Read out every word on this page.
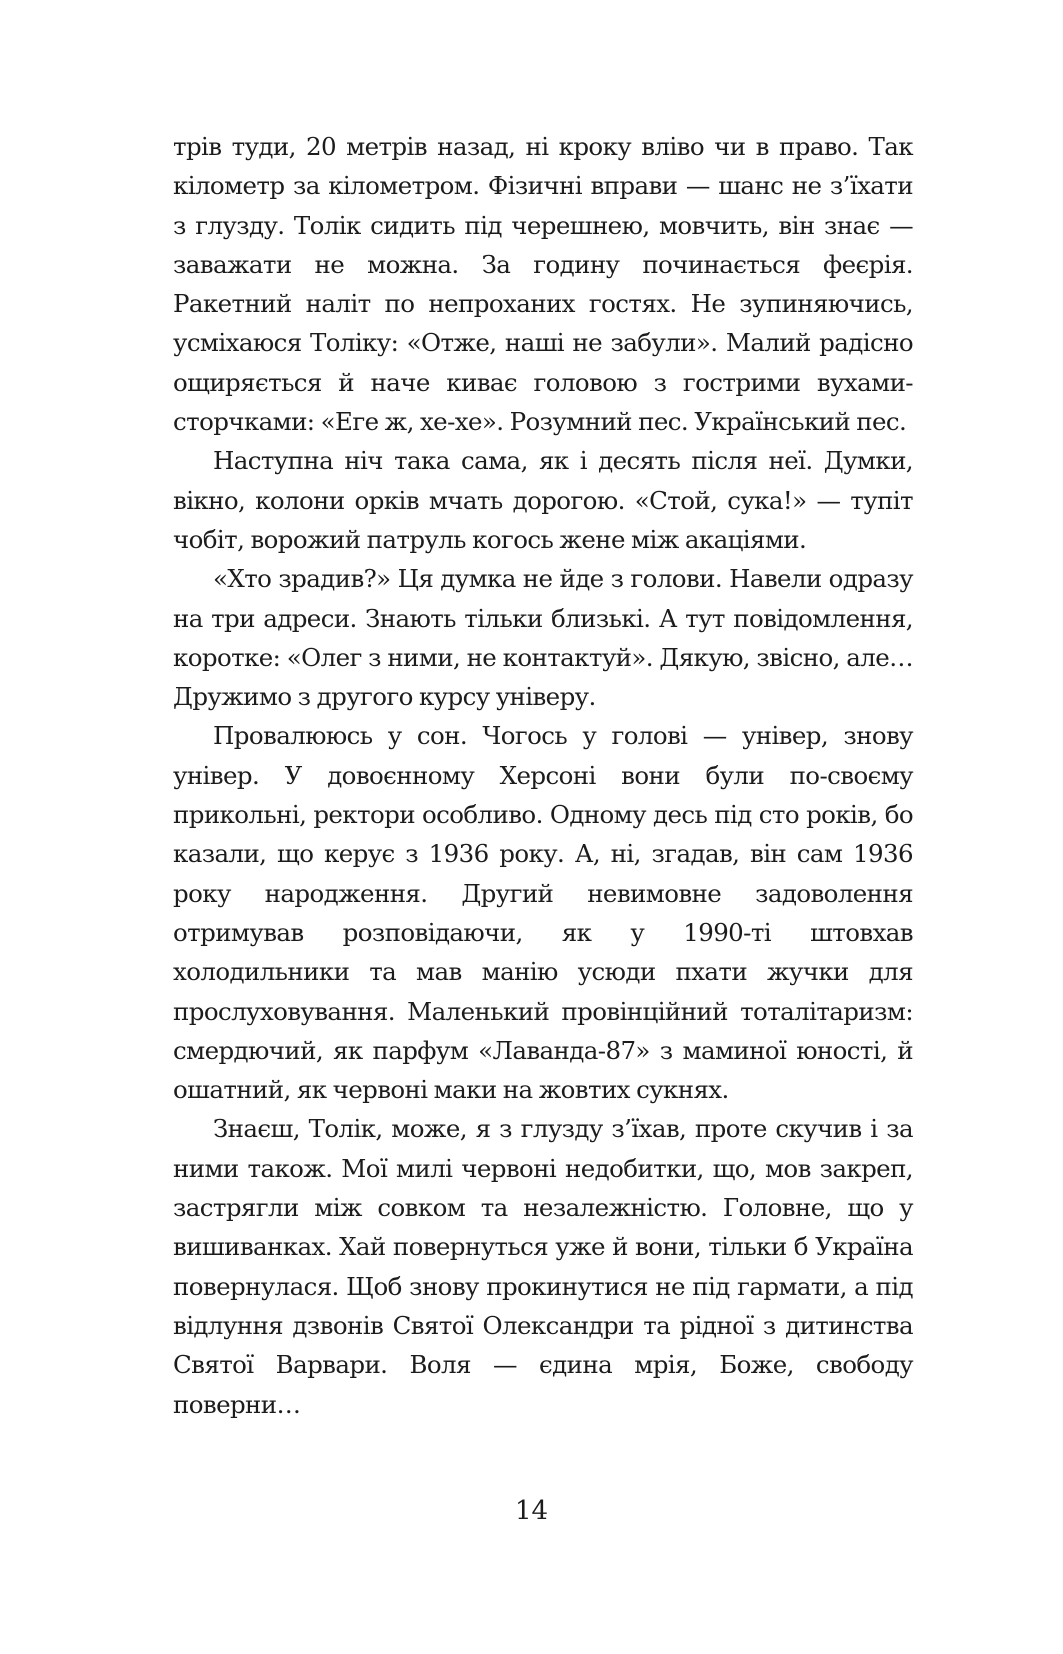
трів туди, 20 метрів назад, ні кроку вліво чи в право. Так кілометр за кілометром. Фізичні вправи — шанс не з’їхати з глузду. Толік сидить під черешнею, мовчить, він знає — заважати не можна. За годину починається феєрія. Ракетний наліт по непроханих гостях. Не зупиняючись, усміхаюся Толіку: «Отже, наші не забули». Малий радісно ощиряється й наче киває головою з гострими вухами-сторчками: «Еге ж, хе-хе». Розумний пес. Український пес.

Наступна ніч така сама, як і десять після неї. Думки, вікно, колони орків мчать дорогою. «Стой, сука!» — тупіт чобіт, ворожий патруль когось жене між акаціями.

«Хто зрадив?» Ця думка не йде з голови. Навели одразу на три адреси. Знають тільки близькі. А тут повідомлення, коротке: «Олег з ними, не контактуй». Дякую, звісно, але… Дружимо з другого курсу універу.

Провалююсь у сон. Чогось у голові — універ, знову універ. У довоєнному Херсоні вони були по-своєму прикольні, ректори особливо. Одному десь під сто років, бо казали, що керує з 1936 року. А, ні, згадав, він сам 1936 року народження. Другий невимовне задоволення отримував розповідаючи, як у 1990-ті штовхав холодильники та мав манію усюди пхати жучки для прослуховування. Маленький провінційний тоталітаризм: смердючий, як парфум «Лаванда-87» з маминої юності, й ошатний, як червоні маки на жовтих сукнях.

Знаєш, Толік, може, я з глузду з’їхав, проте скучив і за ними також. Мої милі червоні недобитки, що, мов закреп, застрягли між совком та незалежністю. Головне, що у вишиванках. Хай повернуться уже й вони, тільки б Україна повернулася. Щоб знову прокинутися не під гармати, а під відлуння дзвонів Святої Олександри та рідної з дитинства Святої Варвари. Воля — єдина мрія, Боже, свободу поверни…

14
